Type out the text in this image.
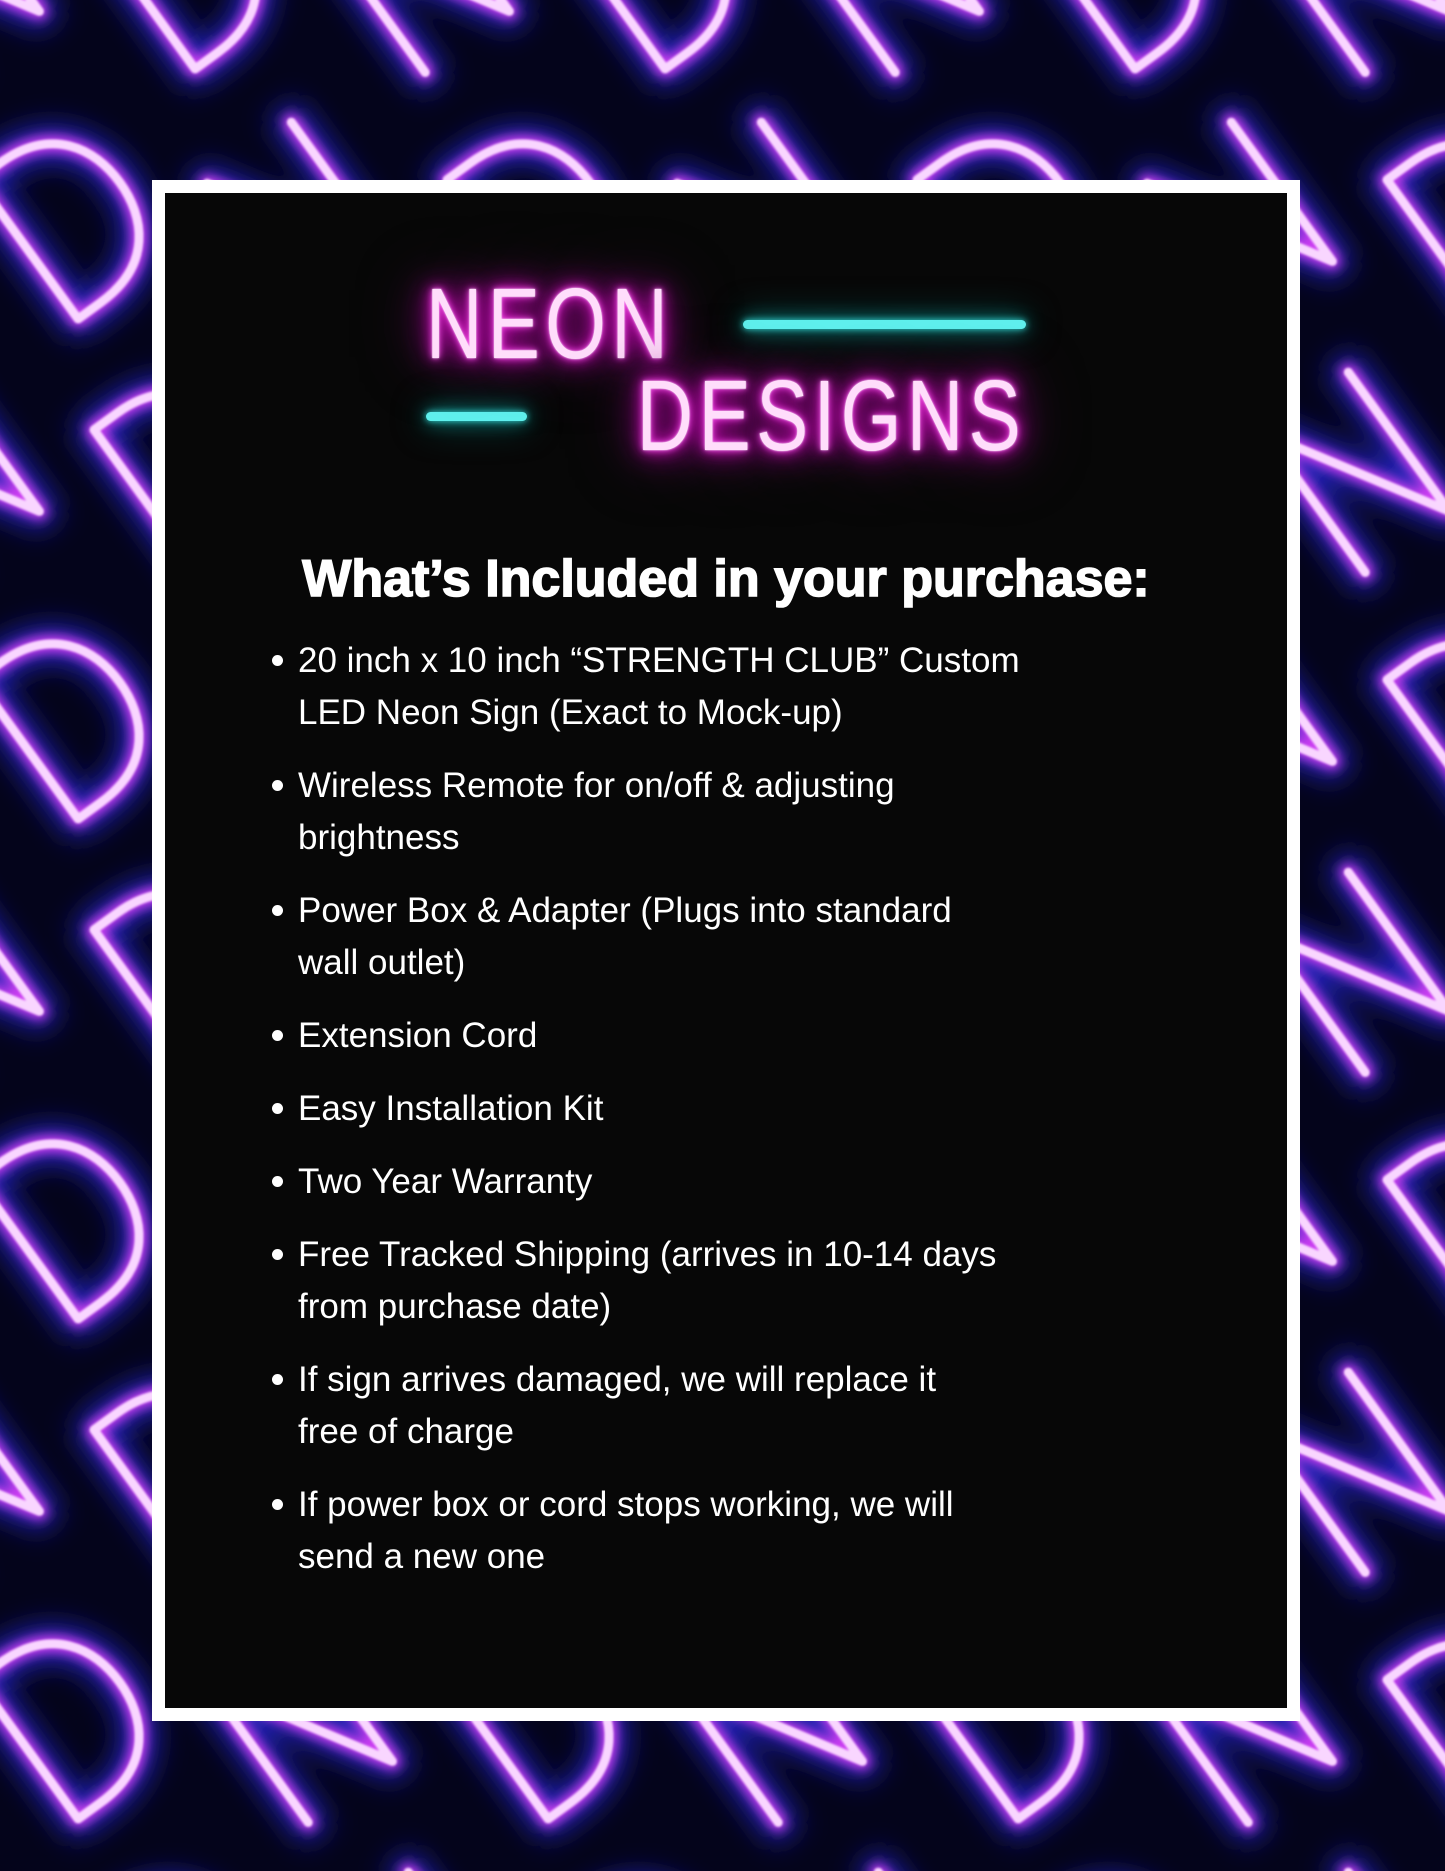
NEON
DESIGNS
What’s Included in your purchase:
20 inch x 10 inch “STRENGTH CLUB” Custom
LED Neon Sign (Exact to Mock-up)
Wireless Remote for on/off & adjusting
brightness
Power Box & Adapter (Plugs into standard
wall outlet)
Extension Cord
Easy Installation Kit
Two Year Warranty
Free Tracked Shipping (arrives in 10-14 days
from purchase date)
If sign arrives damaged, we will replace it
free of charge
If power box or cord stops working, we will
send a new one
